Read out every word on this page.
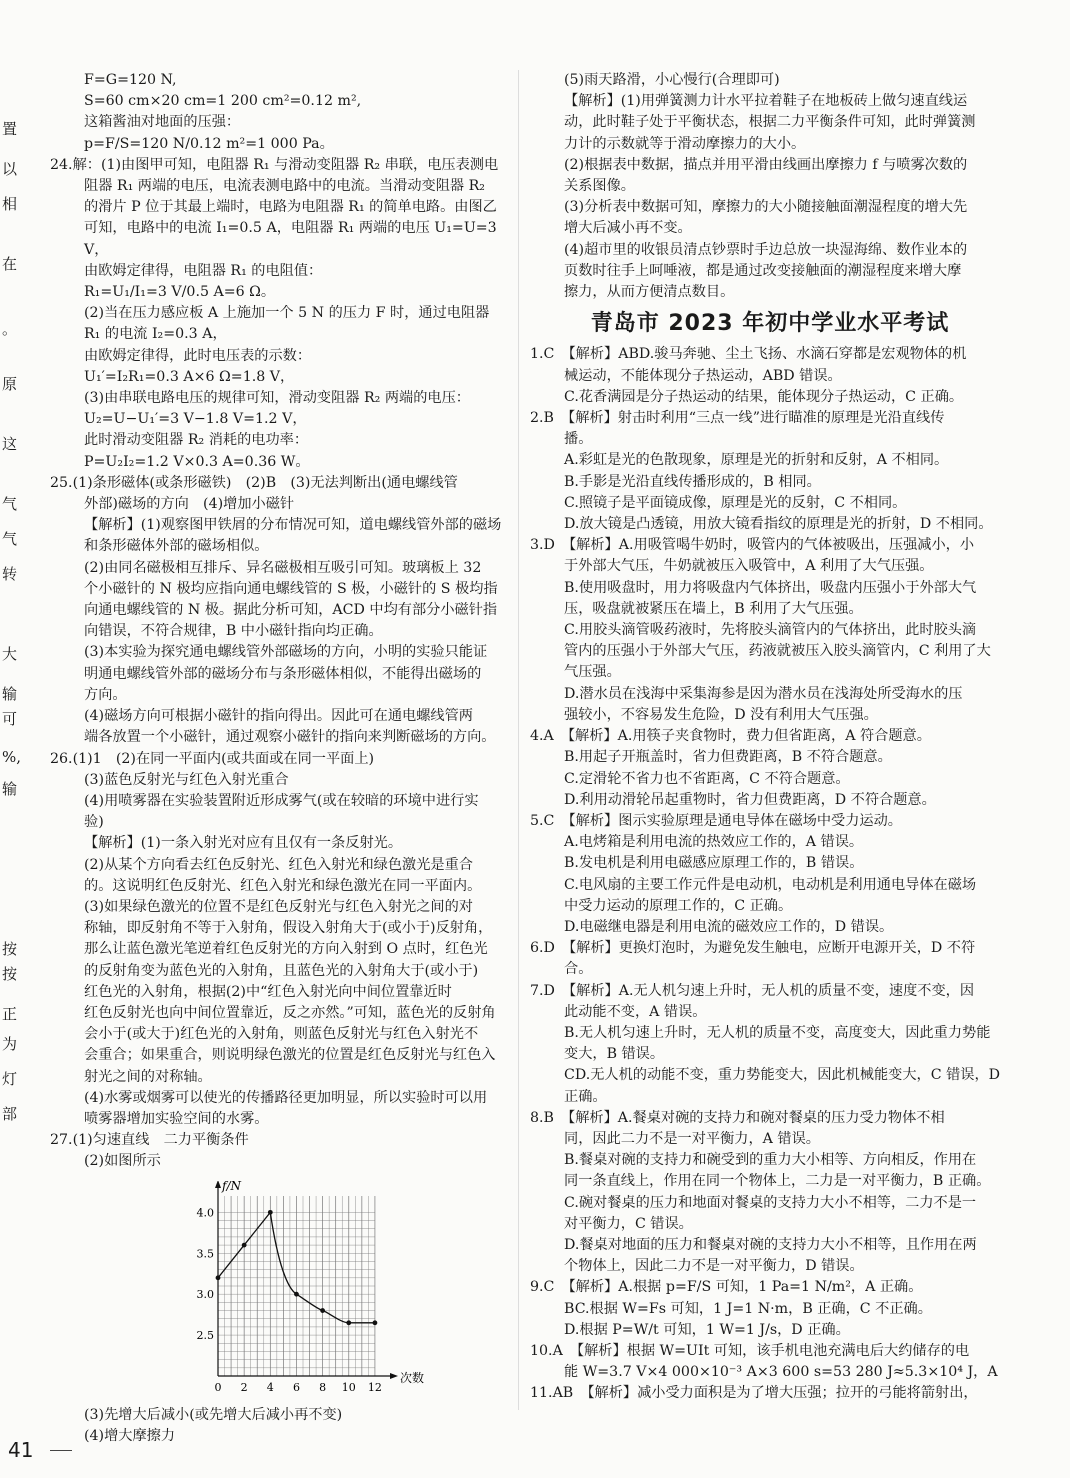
置
以
相
在
。
原
这
气
气
转
大
输
可
%,
输
按
按
正
为
灯
部
F=G=120 N,
S=60 cm×20 cm=1 200 cm²=0.12 m²,
这箱酱油对地面的压强：
p=F/S=120 N/0.12 m²=1 000 Pa。
24.解：(1)由图甲可知，电阻器 R₁ 与滑动变阻器 R₂ 串联，电压表测电
阻器 R₁ 两端的电压，电流表测电路中的电流。当滑动变阻器 R₂
的滑片 P 位于其最上端时，电路为电阻器 R₁ 的简单电路。由图乙
可知，电路中的电流 I₁=0.5 A，电阻器 R₁ 两端的电压 U₁=U=3
V，
由欧姆定律得，电阻器 R₁ 的电阻值：
R₁=U₁/I₁=3 V/0.5 A=6 Ω。
(2)当在压力感应板 A 上施加一个 5 N 的压力 F 时，通过电阻器
R₁ 的电流 I₂=0.3 A，
由欧姆定律得，此时电压表的示数：
U₁′=I₂R₁=0.3 A×6 Ω=1.8 V，
(3)由串联电路电压的规律可知，滑动变阻器 R₂ 两端的电压：
U₂=U−U₁′=3 V−1.8 V=1.2 V，
此时滑动变阻器 R₂ 消耗的电功率：
P=U₂I₂=1.2 V×0.3 A=0.36 W。
25.(1)条形磁体(或条形磁铁)　(2)B　(3)无法判断出(通电螺线管
外部)磁场的方向　(4)增加小磁针
【解析】(1)观察图甲铁屑的分布情况可知，道电螺线管外部的磁场
和条形磁体外部的磁场相似。
(2)由同名磁极相互排斥、异名磁极相互吸引可知。玻璃板上 32
个小磁针的 N 极均应指向通电螺线管的 S 极，小磁针的 S 极均指
向通电螺线管的 N 极。据此分析可知，ACD 中均有部分小磁针指
向错误，不符合规律，B 中小磁针指向均正确。
(3)本实验为探究通电螺线管外部磁场的方向，小明的实验只能证
明通电螺线管外部的磁场分布与条形磁体相似，不能得出磁场的
方向。
(4)磁场方向可根据小磁针的指向得出。因此可在通电螺线管两
端各放置一个小磁针，通过观察小磁针的指向来判断磁场的方向。
26.(1)1　(2)在同一平面内(或共面或在同一平面上)
(3)蓝色反射光与红色入射光重合
(4)用喷雾器在实验装置附近形成雾气(或在较暗的环境中进行实
验)
【解析】(1)一条入射光对应有且仅有一条反射光。
(2)从某个方向看去红色反射光、红色入射光和绿色激光是重合
的。这说明红色反射光、红色入射光和绿色激光在同一平面内。
(3)如果绿色激光的位置不是红色反射光与红色入射光之间的对
称轴，即反射角不等于入射角，假设入射角大于(或小于)反射角，
那么让蓝色激光笔逆着红色反射光的方向入射到 O 点时，红色光
的反射角变为蓝色光的入射角，且蓝色光的入射角大于(或小于)
红色光的入射角，根据(2)中“红色入射光向中间位置靠近时
红色反射光也向中间位置靠近，反之亦然。”可知，蓝色光的反射角
会小于(或大于)红色光的入射角，则蓝色反射光与红色入射光不
会重合；如果重合，则说明绿色激光的位置是红色反射光与红色入
射光之间的对称轴。
(4)水雾或烟雾可以使光的传播路径更加明显，所以实验时可以用
喷雾器增加实验空间的水雾。
27.(1)匀速直线　二力平衡条件
(2)如图所示
0 2 4 6 8 10 12
2.5
3.0
3.5
4.0
f/N
次数
(3)先增大后减小(或先增大后减小再不变)
(4)增大摩擦力
(5)雨天路滑，小心慢行(合理即可)
【解析】(1)用弹簧测力计水平拉着鞋子在地板砖上做匀速直线运
动，此时鞋子处于平衡状态，根据二力平衡条件可知，此时弹簧测
力计的示数就等于滑动摩擦力的大小。
(2)根据表中数据，描点并用平滑由线画出摩擦力 f 与喷雾次数的
关系图像。
(3)分析表中数据可知，摩擦力的大小随接触面潮湿程度的增大先
增大后减小再不变。
(4)超市里的收银员清点钞票时手边总放一块湿海绵、数作业本的
页数时往手上呵唾液，都是通过改变接触面的潮湿程度来增大摩
擦力，从而方便清点数目。
青岛市 2023 年初中学业水平考试
1.C　【解析】ABD.骏马奔驰、尘土飞扬、水滴石穿都是宏观物体的机
械运动，不能体现分子热运动，ABD 错误。
C.花香满园是分子热运动的结果，能体现分子热运动，C 正确。
2.B　【解析】射击时利用“三点一线”进行瞄准的原理是光沿直线传
播。
A.彩虹是光的色散现象，原理是光的折射和反射，A 不相同。
B.手影是光沿直线传播形成的，B 相同。
C.照镜子是平面镜成像，原理是光的反射，C 不相同。
D.放大镜是凸透镜，用放大镜看指纹的原理是光的折射，D 不相同。
3.D　【解析】A.用吸管喝牛奶时，吸管内的气体被吸出，压强减小，小
于外部大气压，牛奶就被压入吸管中，A 利用了大气压强。
B.使用吸盘时，用力将吸盘内气体挤出，吸盘内压强小于外部大气
压，吸盘就被紧压在墙上，B 利用了大气压强。
C.用胶头滴管吸药液时，先将胶头滴管内的气体挤出，此时胶头滴
管内的压强小于外部大气压，药液就被压入胶头滴管内，C 利用了大
气压强。
D.潜水员在浅海中采集海参是因为潜水员在浅海处所受海水的压
强较小，不容易发生危险，D 没有利用大气压强。
4.A　【解析】A.用筷子夹食物时，费力但省距离，A 符合题意。
B.用起子开瓶盖时，省力但费距离，B 不符合题意。
C.定滑轮不省力也不省距离，C 不符合题意。
D.利用动滑轮吊起重物时，省力但费距离，D 不符合题意。
5.C　【解析】图示实验原理是通电导体在磁场中受力运动。
A.电烤箱是利用电流的热效应工作的，A 错误。
B.发电机是利用电磁感应原理工作的，B 错误。
C.电风扇的主要工作元件是电动机，电动机是利用通电导体在磁场
中受力运动的原理工作的，C 正确。
D.电磁继电器是利用电流的磁效应工作的，D 错误。
6.D　【解析】更换灯泡时，为避免发生触电，应断开电源开关，D 不符
合。
7.D　【解析】A.无人机匀速上升时，无人机的质量不变，速度不变，因
此动能不变，A 错误。
B.无人机匀速上升时，无人机的质量不变，高度变大，因此重力势能
变大，B 错误。
CD.无人机的动能不变，重力势能变大，因此机械能变大，C 错误，D
正确。
8.B　【解析】A.餐桌对碗的支持力和碗对餐桌的压力受力物体不相
同，因此二力不是一对平衡力，A 错误。
B.餐桌对碗的支持力和碗受到的重力大小相等、方向相反，作用在
同一条直线上，作用在同一个物体上，二力是一对平衡力，B 正确。
C.碗对餐桌的压力和地面对餐桌的支持力大小不相等，二力不是一
对平衡力，C 错误。
D.餐桌对地面的压力和餐桌对碗的支持力大小不相等，且作用在两
个物体上，因此二力不是一对平衡力，D 错误。
9.C　【解析】A.根据 p=F/S 可知，1 Pa=1 N/m²，A 正确。
BC.根据 W=Fs 可知，1 J=1 N·m，B 正确，C 不正确。
D.根据 P=W/t 可知，1 W=1 J/s，D 正确。
10.A　【解析】根据 W=UIt 可知，该手机电池充满电后大约储存的电
能 W=3.7 V×4 000×10⁻³ A×3 600 s=53 280 J≈5.3×10⁴ J，A
11.AB　【解析】减小受力面积是为了增大压强；拉开的弓能将箭射出，
41
